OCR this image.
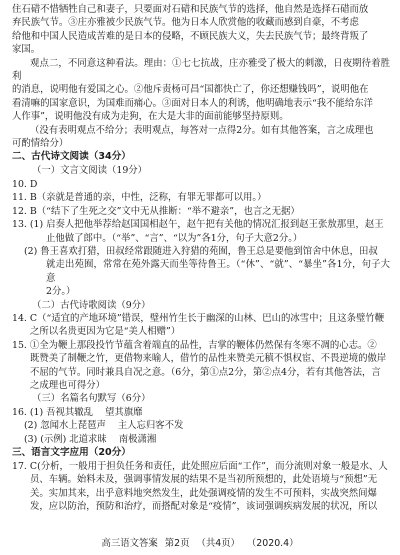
住石碏不惜牺牲自己和妻子，只要面对石碏和民族气节的选择，他自然是选择石碏而放

弃民族气节。③庄亦雅被少民族气节。他为日本人欣赏他的收藏而感到自豪，不考虑

给他和中国人民造成苦难的是日本的侵略，不顾民族大义，失去民族气节；最终背叛了

家国。

观点二，不同意这种看法。理由：①七七抗战，庄亦雅受了极大的刺激，日夜期待着胜利

的消息，说明他有爱国之心。②他斥责杨可昌“国都快亡了，你还想赚钱吗”，说明他在

看清嘛的国家意识，为国难而痛心。③面对日本人的利诱，他明确地表示“我不能给东洋

人作事”，说明他没有成为走狗，在大是大非的面前能够坚持原则。

（没有表明观点不给分；表明观点，每答对一点得2分。如有其他答案，言之成理也

可酌情给分）

二、古代诗文阅读（34分）

（一）文言文阅读（19分）

10. D

11. B（亲就是普通的亲，中性，泛称，有罪无罪都可以用。）

12. B（“结下了生死之交”文中无从推断：“举不避亲”，也言之无据）

13. (1) 启奏人把他举荐给赵国国相赵午，赵午把有关他的情况汇报到赵王张敖那里，赵王

止他做了郎中。（“举”、“言”、“以为”各1分，句子大意2分。）

(2) 鲁王喜欢打猎，田叔经常跟随进入狩猎的苑囿，鲁王总是要他到馆舍中休息，田叔

就走出苑囿，常常在苑外露天而坐等待鲁王。（“休”、“就”、“暴坐”各1分，句子大意

2分。）

（二）古代诗歌阅读（9分）

14. C（“适宜的产地环境”错误，璧州竹生长于幽深的山林、巴山的冰雪中；且这条璧竹鞭

之所以名贵更因为它是“美人相赠”）

15. ①全为鞭上那段投竹节蕴含着端直的品性，吉掌的鞭体仍然保有冬寒不凋的心志。②

既赞美了制鞭之竹，更借物来喻人，借竹的品性来赞美元稹不惧权宦、不畏逆境的傲岸

不屈的气节。同时兼具自况之意。（6分，第①点2分，第②点4分，若有其他答法，言

之成理也可得分）

（三）名篇名句默写（6分）

16. (1) 吾视其辙乱    望其旗靡

(2) 忽闻水上琵琶声    主人忘归客不发

(3) (示例) 北道求昧    南极潇湘

三、语言文字应用（20分）

17. C(分析，一般用于担负任务和责任，此处照应后面“工作”，而分流则对象一般是水、人

员、车辆。始料未及，强调事情发展的结果不是当初所预想的，此处语境与“预想”无

关。实加其来，出乎意料地突然发生，此处强调疫情的发生不可预料，实战突然间爆

发，应以防治，预防和治疗，而搭配对象是“疫情”，该词强调疾病发展的状况，所以

高三语文答案 第2页 （共4页） （2020.4）
